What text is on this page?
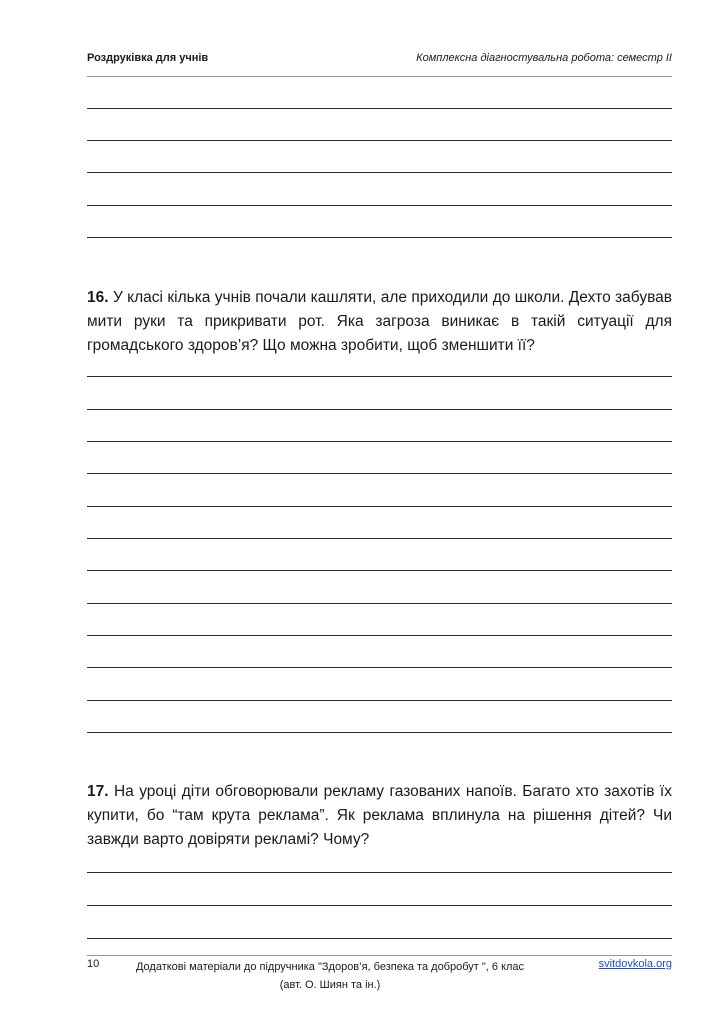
Роздруківка для учнів	Комплексна діагностувальна робота: семестр ІІ
16. У класі кілька учнів почали кашляти, але приходили до школи. Дехто забував мити руки та прикривати рот. Яка загроза виникає в такій ситуації для громадського здоров’я? Що можна зробити, щоб зменшити її?
17. На уроці діти обговорювали рекламу газованих напоїв. Багато хто захотів їх купити, бо “там крута реклама”. Як реклама вплинула на рішення дітей? Чи завжди варто довіряти рекламі? Чому?
10	Додаткові матеріали до підручника "Здоров’я, безпека та добробут ", 6 клас
(авт. О. Шиян та ін.)
svitdovkola.org
